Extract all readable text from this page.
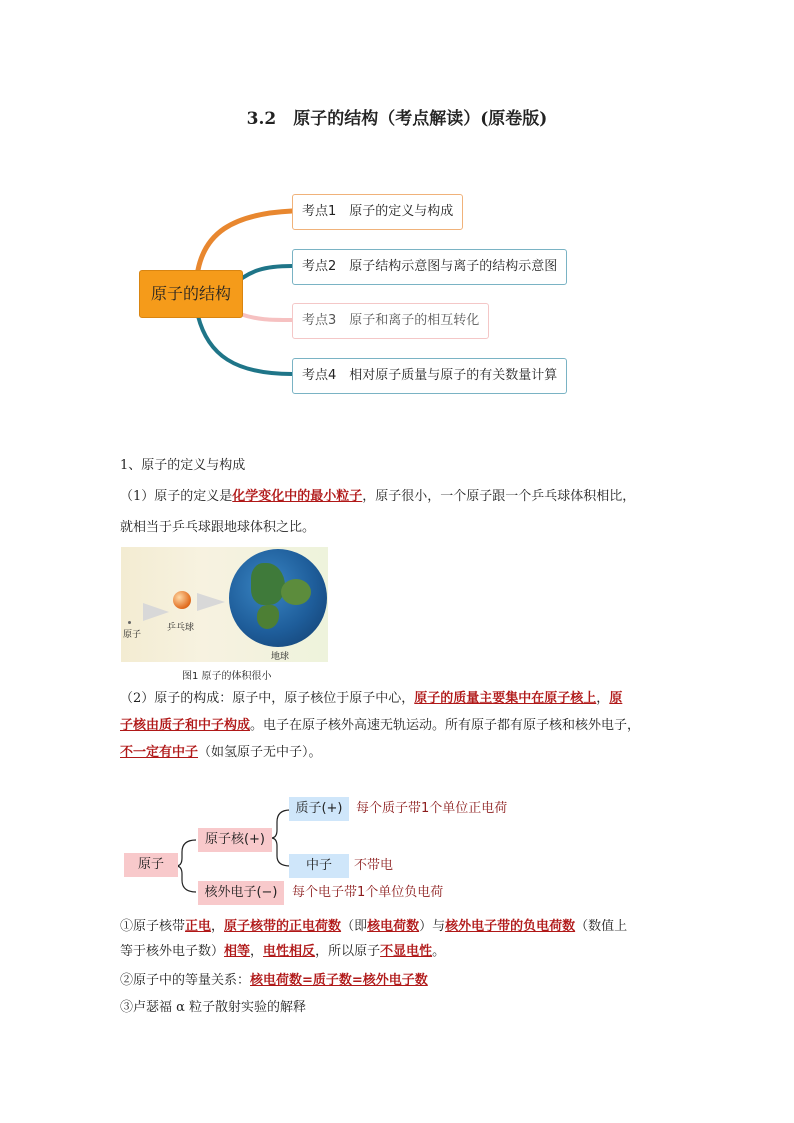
3.2　原子的结构（考点解读）(原卷版)
原子的结构
考点1　原子的定义与构成
考点2　原子结构示意图与离子的结构示意图
考点3　原子和离子的相互转化
考点4　相对原子质量与原子的有关数量计算
1、原子的定义与构成
（1）原子的定义是化学变化中的最小粒子，原子很小，一个原子跟一个乒乓球体积相比，
就相当于乒乓球跟地球体积之比。
原子
乒乓球
地球
图1 原子的体积很小
（2）原子的构成：原子中，原子核位于原子中心，原子的质量主要集中在原子核上，原
子核由质子和中子构成。电子在原子核外高速无轨运动。所有原子都有原子核和核外电子，
不一定有中子（如氢原子无中子）。
原子
原子核(+)
质子(+)	每个质子带1个单位正电荷
中子	不带电
核外电子(−)	每个电子带1个单位负电荷
①原子核带正电，原子核带的正电荷数（即核电荷数）与核外电子带的负电荷数（数值上
等于核外电子数）相等，电性相反，所以原子不显电性。
②原子中的等量关系：核电荷数=质子数=核外电子数
③卢瑟福 α 粒子散射实验的解释
